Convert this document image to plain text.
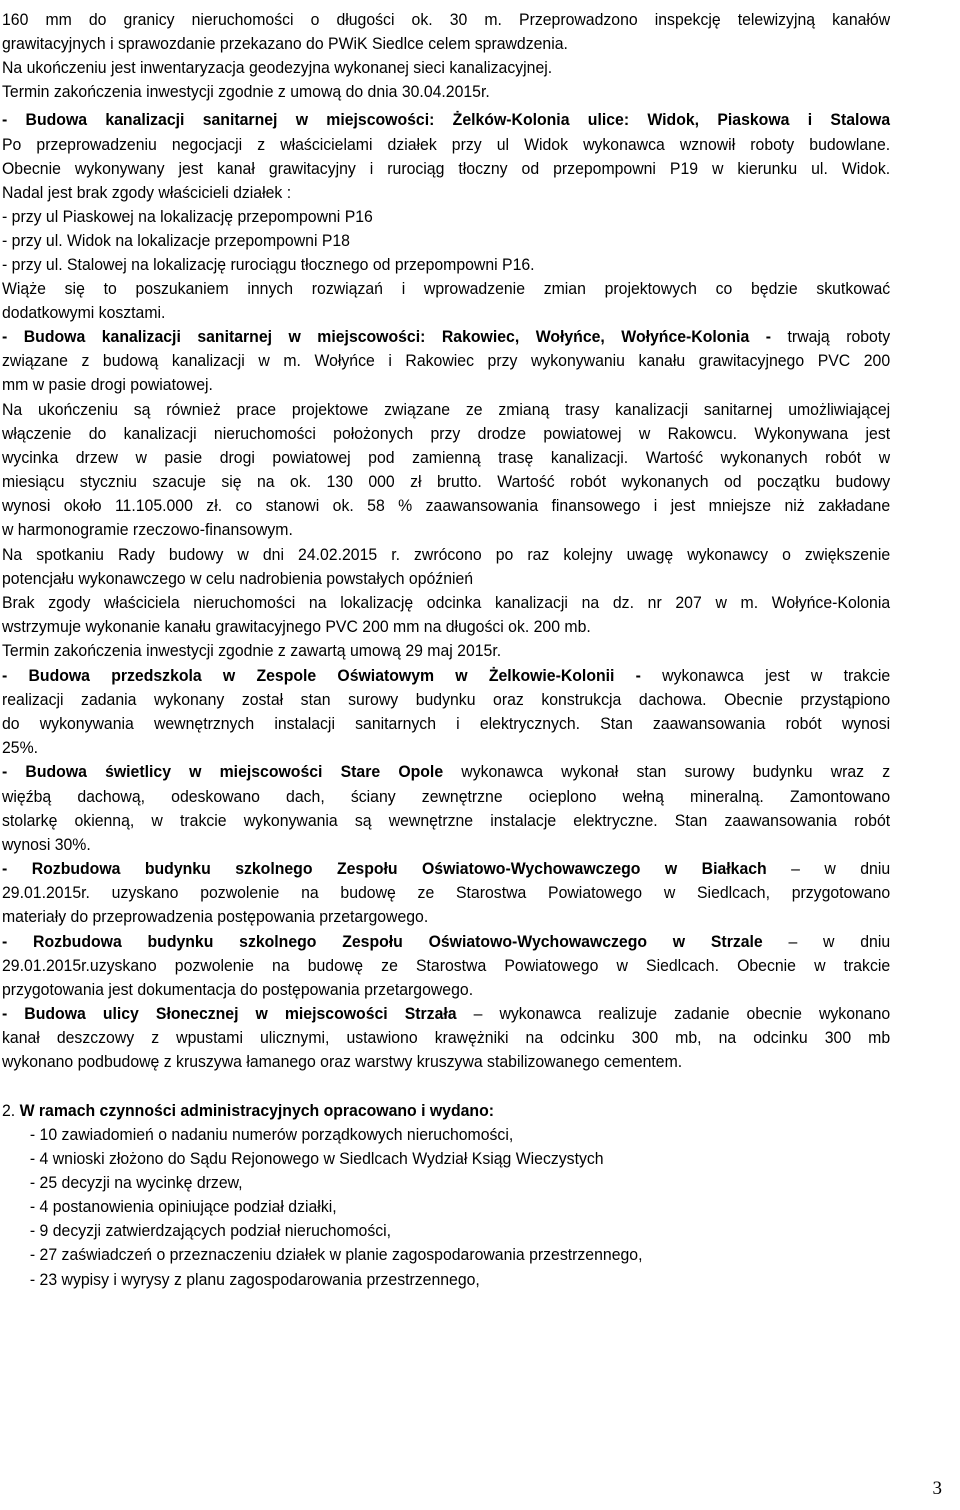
160 mm do granicy nieruchomości o długości ok. 30 m. Przeprowadzono inspekcję telewizyjną kanałów
grawitacyjnych i sprawozdanie przekazano do PWiK Siedlce celem sprawdzenia.
Na ukończeniu jest inwentaryzacja geodezyjna wykonanej sieci kanalizacyjnej.
Termin zakończenia inwestycji zgodnie z umową do dnia 30.04.2015r.
- Budowa kanalizacji sanitarnej w miejscowości: Żelków-Kolonia ulice: Widok, Piaskowa i Stalowa
Po przeprowadzeniu negocjacji z właścicielami działek przy ul Widok wykonawca wznowił roboty budowlane.
Obecnie wykonywany jest kanał grawitacyjny i rurociąg tłoczny od przepompowni P19 w kierunku ul. Widok.
Nadal jest brak zgody właścicieli działek :
- przy ul Piaskowej na lokalizację przepompowni P16
- przy ul. Widok na lokalizacje przepompowni P18
- przy ul. Stalowej na lokalizację rurociągu tłocznego od przepompowni P16.
Wiąże się to poszukaniem innych rozwiązań i wprowadzenie zmian projektowych co będzie skutkować
dodatkowymi kosztami.
- Budowa kanalizacji sanitarnej w miejscowości: Rakowiec, Wołyńce, Wołyńce-Kolonia - trwają roboty
związane z budową kanalizacji w m. Wołyńce i Rakowiec przy wykonywaniu kanału grawitacyjnego PVC 200
mm w pasie drogi powiatowej.
Na ukończeniu są również prace projektowe związane ze zmianą trasy kanalizacji sanitarnej umożliwiającej
włączenie do kanalizacji nieruchomości położonych przy drodze powiatowej w Rakowcu. Wykonywana jest
wycinka drzew w pasie drogi powiatowej pod zamienną trasę kanalizacji. Wartość wykonanych robót w
miesiącu styczniu szacuje się na ok. 130 000 zł brutto. Wartość robót wykonanych od początku budowy
wynosi około 11.105.000 zł. co stanowi ok. 58 % zaawansowania finansowego i jest mniejsze niż zakładane
w harmonogramie rzeczowo-finansowym.
Na spotkaniu Rady budowy w dni 24.02.2015 r. zwrócono po raz kolejny uwagę wykonawcy o zwiększenie
potencjału wykonawczego w celu nadrobienia powstałych opóźnień
Brak zgody właściciela nieruchomości na lokalizację odcinka kanalizacji na dz. nr 207 w m. Wołyńce-Kolonia
wstrzymuje wykonanie kanału grawitacyjnego PVC 200 mm na długości ok. 200 mb.
Termin zakończenia inwestycji zgodnie z zawartą umową 29 maj 2015r.
- Budowa przedszkola w Zespole Oświatowym w Żelkowie-Kolonii - wykonawca jest w trakcie
realizacji zadania wykonany został stan surowy budynku oraz konstrukcja dachowa. Obecnie przystąpiono
do wykonywania wewnętrznych instalacji sanitarnych i elektrycznych. Stan zaawansowania robót wynosi
25%.
- Budowa świetlicy w miejscowości Stare Opole wykonawca wykonał stan surowy budynku wraz z
więźbą dachową, odeskowano dach, ściany zewnętrzne ocieplono wełną mineralną. Zamontowano
stolarkę okienną, w trakcie wykonywania są wewnętrzne instalacje elektryczne. Stan zaawansowania robót
wynosi 30%.
- Rozbudowa budynku szkolnego Zespołu Oświatowo-Wychowawczego w Białkach – w dniu
29.01.2015r. uzyskano pozwolenie na budowę ze Starostwa Powiatowego w Siedlcach, przygotowano
materiały do przeprowadzenia postępowania przetargowego.
- Rozbudowa budynku szkolnego Zespołu Oświatowo-Wychowawczego w Strzale – w dniu
29.01.2015r.uzyskano pozwolenie na budowę ze Starostwa Powiatowego w Siedlcach. Obecnie w trakcie
przygotowania jest dokumentacja do postępowania przetargowego.
- Budowa ulicy Słonecznej w miejscowości Strzała – wykonawca realizuje zadanie obecnie wykonano
kanał deszczowy z wpustami ulicznymi, ustawiono krawężniki na odcinku 300 mb, na odcinku 300 mb
wykonano podbudowę z kruszywa łamanego oraz warstwy kruszywa stabilizowanego cementem.
2. W ramach czynności administracyjnych opracowano i wydano:
- 10 zawiadomień o nadaniu numerów porządkowych nieruchomości,
- 4 wnioski złożono do Sądu Rejonowego w Siedlcach Wydział Ksiąg Wieczystych
- 25 decyzji na wycinkę drzew,
- 4 postanowienia opiniujące podział działki,
- 9 decyzji zatwierdzających podział nieruchomości,
- 27 zaświadczeń o przeznaczeniu działek w planie zagospodarowania przestrzennego,
- 23 wypisy i wyrysy z planu zagospodarowania przestrzennego,
3
